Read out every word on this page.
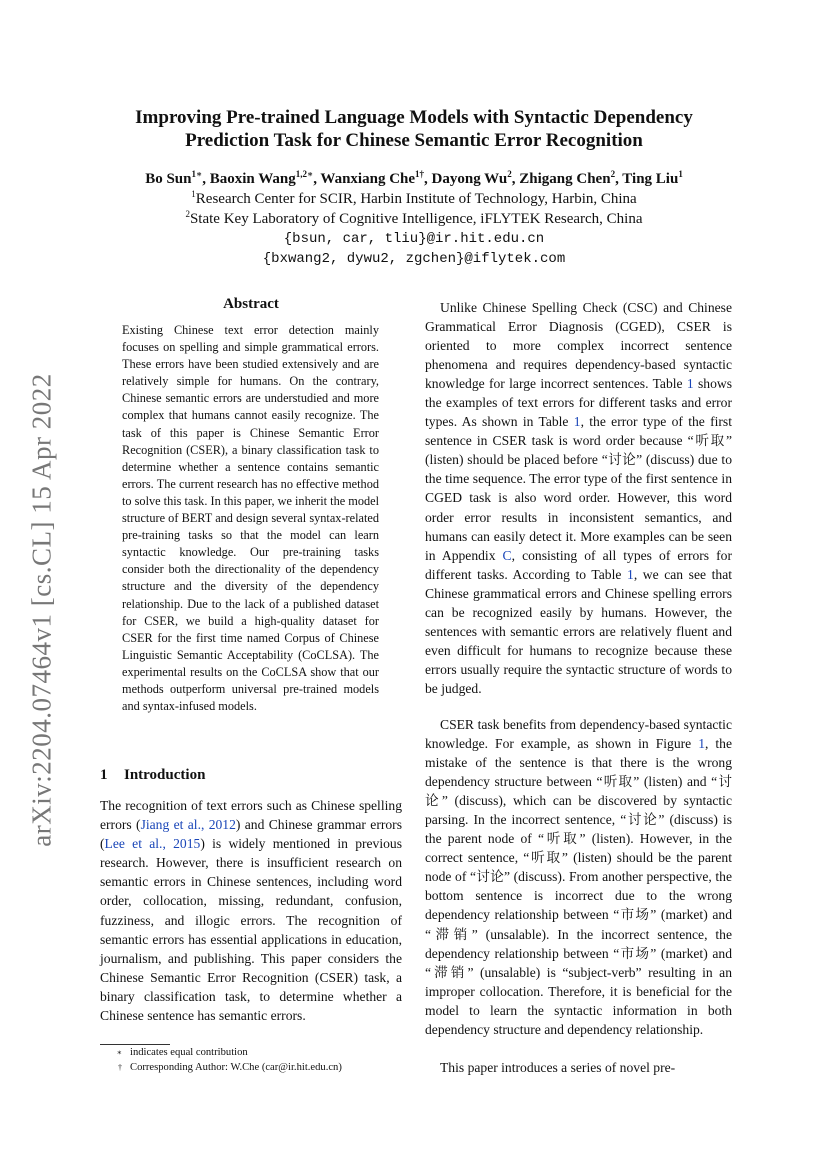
arXiv:2204.07464v1 [cs.CL] 15 Apr 2022
Improving Pre-trained Language Models with Syntactic Dependency
Prediction Task for Chinese Semantic Error Recognition
Bo Sun$^{1∗}$, Baoxin Wang$^{1,2∗}$, Wanxiang Che$^{1\dagger}$, Dayong Wu$^2$, Zhigang Chen$^2$, Ting Liu$^1$
$^1$Research Center for SCIR, Harbin Institute of Technology, Harbin, China
$^2$State Key Laboratory of Cognitive Intelligence, iFLYTEK Research, China
{bsun, car, tliu}@ir.hit.edu.cn
{bxwang2, dywu2, zgchen}@iflytek.com
Abstract
Existing Chinese text error detection mainly focuses on spelling and simple grammatical errors. These errors have been studied extensively and are relatively simple for humans. On the contrary, Chinese semantic errors are understudied and more complex that humans cannot easily recognize. The task of this paper is Chinese Semantic Error Recognition (CSER), a binary classification task to determine whether a sentence contains semantic errors. The current research has no effective method to solve this task. In this paper, we inherit the model structure of BERT and design several syntax-related pre-training tasks so that the model can learn syntactic knowledge. Our pre-training tasks consider both the directionality of the dependency structure and the diversity of the dependency relationship. Due to the lack of a published dataset for CSER, we build a high-quality dataset for CSER for the first time named Corpus of Chinese Linguistic Semantic Acceptability (CoCLSA). The experimental results on the CoCLSA show that our methods outperform universal pre-trained models and syntax-infused models.
1 Introduction

The recognition of text errors such as Chinese spelling errors (Jiang et al., 2012) and Chinese grammar errors (Lee et al., 2015) is widely mentioned in previous research. However, there is insufficient research on semantic errors in Chinese sentences, including word order, collocation, missing, redundant, confusion, fuzziness, and illogic errors. The recognition of semantic errors has essential applications in education, journalism, and publishing. This paper considers the Chinese Semantic Error Recognition (CSER) task, a binary classification task, to determine whether a Chinese sentence has semantic errors.

∗ indicates equal contribution
† Corresponding Author: W.Che (car@ir.hit.edu.cn)

Unlike Chinese Spelling Check (CSC) and Chinese Grammatical Error Diagnosis (CGED), CSER is oriented to more complex incorrect sentence phenomena and requires dependency-based syntactic knowledge for large incorrect sentences. Table 1 shows the examples of text errors for different tasks and error types. As shown in Table 1, the error type of the first sentence in CSER task is word order because “听取” (listen) should be placed before “讨论” (discuss) due to the time sequence. The error type of the first sentence in CGED task is also word order. However, this word order error results in inconsistent semantics, and humans can easily detect it. More examples can be seen in Appendix C, consisting of all types of errors for different tasks. According to Table 1, we can see that Chinese grammatical errors and Chinese spelling errors can be recognized easily by humans. However, the sentences with semantic errors are relatively fluent and even difficult for humans to recognize because these errors usually require the syntactic structure of words to be judged.

CSER task benefits from dependency-based syntactic knowledge. For example, as shown in Figure 1, the mistake of the sentence is that there is the wrong dependency structure between “听取” (listen) and “讨论” (discuss), which can be discovered by syntactic parsing. In the incorrect sentence, “讨论” (discuss) is the parent node of “听取” (listen). However, in the correct sentence, “听取” (listen) should be the parent node of “讨论” (discuss). From another perspective, the bottom sentence is incorrect due to the wrong dependency relationship between “市场” (market) and “滞销” (unsalable). In the incorrect sentence, the dependency relationship between “市场” (market) and “滞销” (unsalable) is “subject-verb” resulting in an improper collocation. Therefore, it is beneficial for the model to learn the syntactic information in both dependency structure and dependency relationship.

This paper introduces a series of novel pre-
